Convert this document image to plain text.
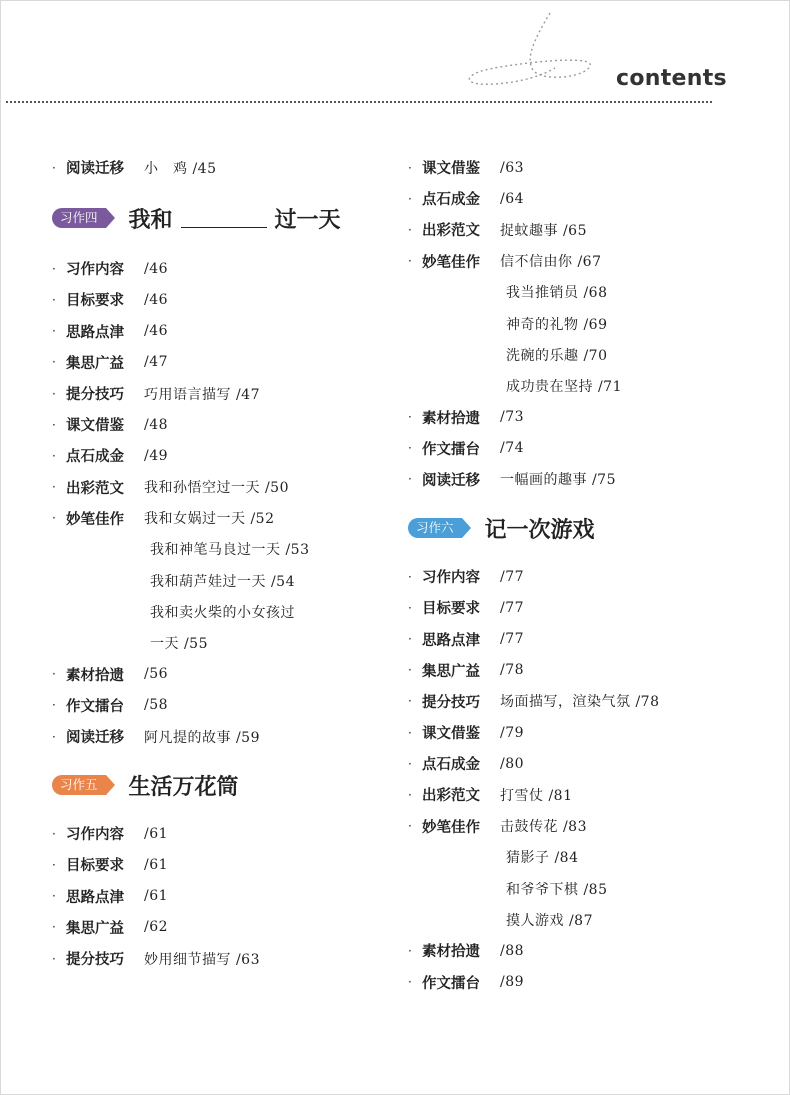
contents
· 阅读迁移	小　鸡 /45
习作四	我和	过一天
· 习作内容	/46
· 目标要求	/46
· 思路点津	/46
· 集思广益	/47
· 提分技巧	巧用语言描写 /47
· 课文借鉴	/48
· 点石成金	/49
· 出彩范文	我和孙悟空过一天 /50
· 妙笔佳作	我和女娲过一天 /52
我和神笔马良过一天 /53
我和葫芦娃过一天 /54
我和卖火柴的小女孩过
一天 /55
· 素材拾遗	/56
· 作文擂台	/58
· 阅读迁移	阿凡提的故事 /59
习作五	生活万花筒
· 习作内容	/61
· 目标要求	/61
· 思路点津	/61
· 集思广益	/62
· 提分技巧	妙用细节描写 /63
· 课文借鉴	/63
· 点石成金	/64
· 出彩范文	捉蚊趣事 /65
· 妙笔佳作	信不信由你 /67
我当推销员 /68
神奇的礼物 /69
洗碗的乐趣 /70
成功贵在坚持 /71
· 素材拾遗	/73
· 作文擂台	/74
· 阅读迁移	一幅画的趣事 /75
习作六	记一次游戏
· 习作内容	/77
· 目标要求	/77
· 思路点津	/77
· 集思广益	/78
· 提分技巧	场面描写，渲染气氛 /78
· 课文借鉴	/79
· 点石成金	/80
· 出彩范文	打雪仗 /81
· 妙笔佳作	击鼓传花 /83
猜影子 /84
和爷爷下棋 /85
摸人游戏 /87
· 素材拾遗	/88
· 作文擂台	/89
